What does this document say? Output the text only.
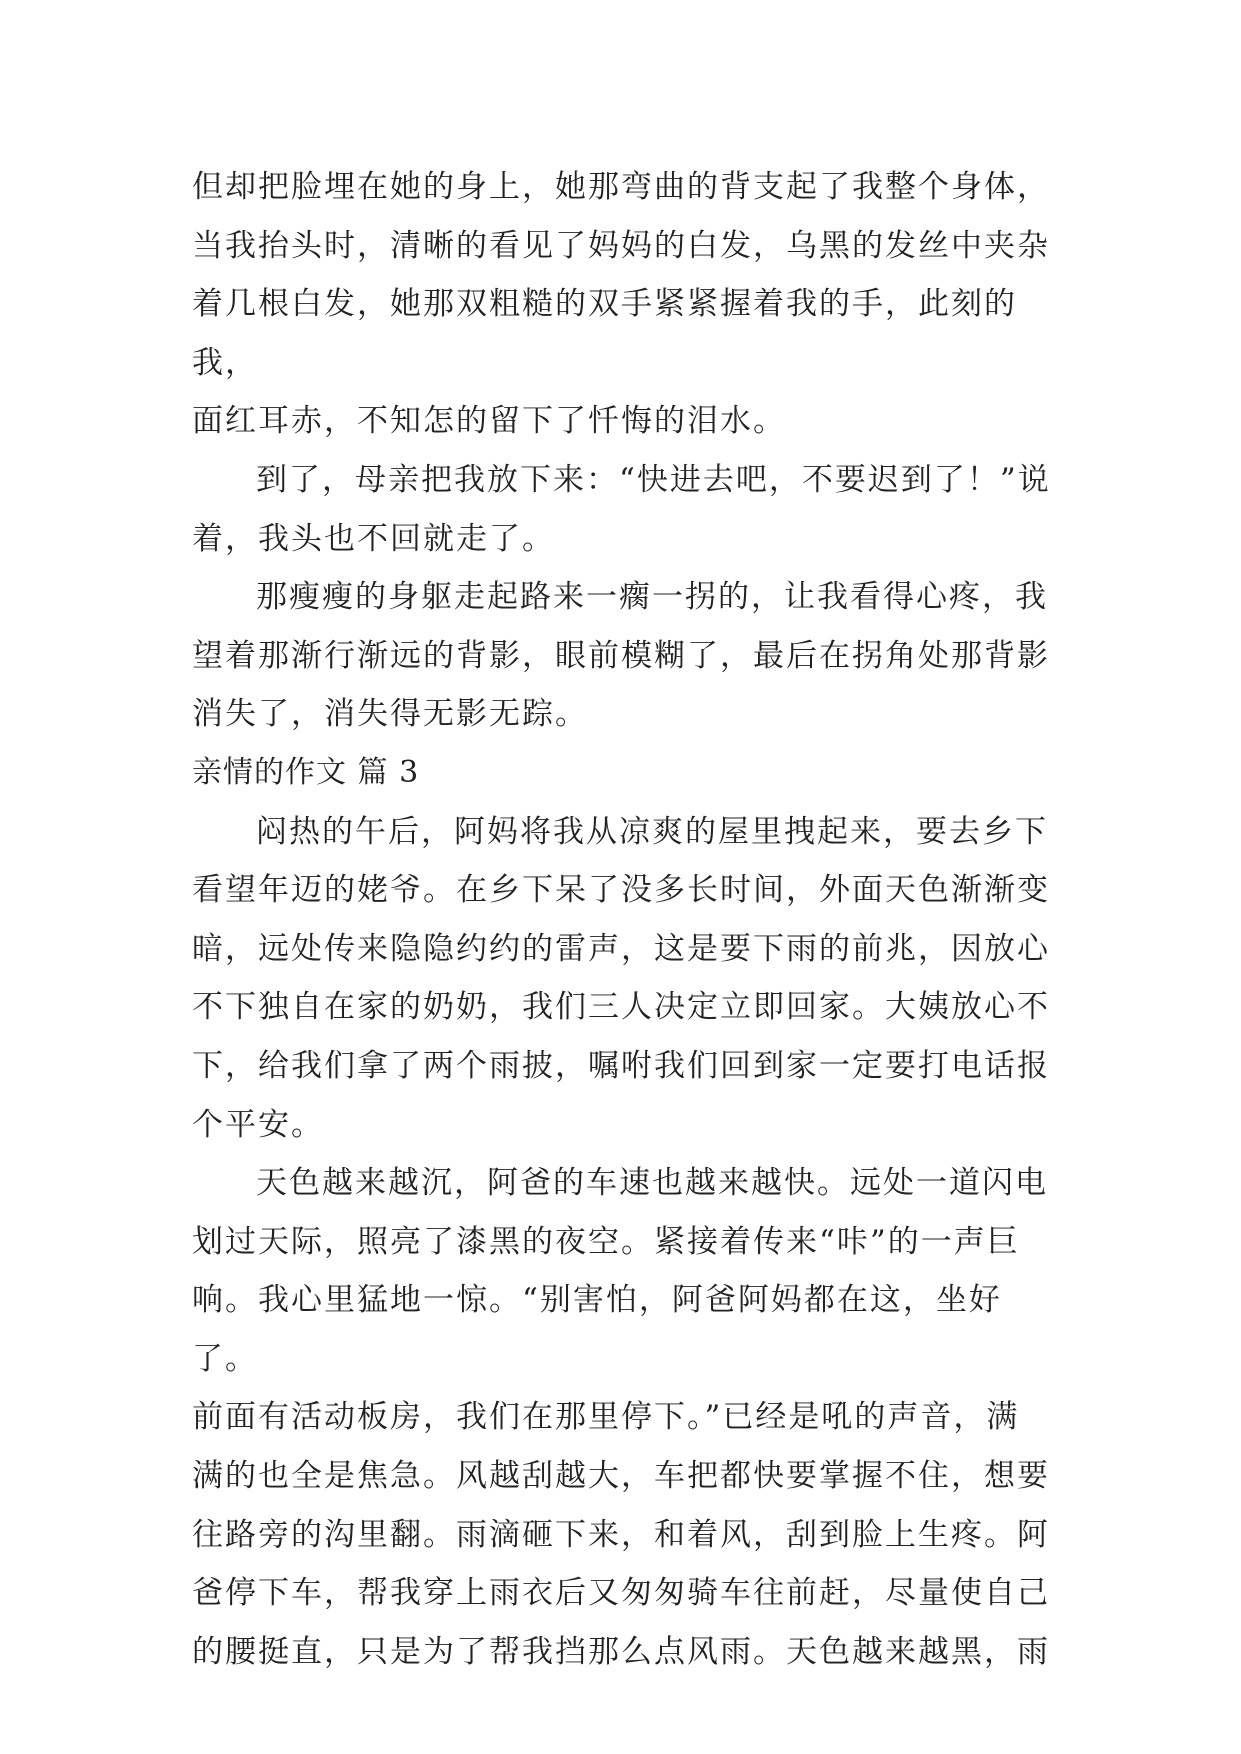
但却把脸埋在她的身上，她那弯曲的背支起了我整个身体，
当我抬头时，清晰的看见了妈妈的白发，乌黑的发丝中夹杂
着几根白发，她那双粗糙的双手紧紧握着我的手，此刻的我，
面红耳赤，不知怎的留下了忏悔的泪水。

到了，母亲把我放下来：“快进去吧，不要迟到了！”说
着，我头也不回就走了。

那瘦瘦的身躯走起路来一瘸一拐的，让我看得心疼，我
望着那渐行渐远的背影，眼前模糊了，最后在拐角处那背影
消失了，消失得无影无踪。

亲情的作文 篇 3

闷热的午后，阿妈将我从凉爽的屋里拽起来，要去乡下
看望年迈的姥爷。在乡下呆了没多长时间，外面天色渐渐变
暗，远处传来隐隐约约的雷声，这是要下雨的前兆，因放心
不下独自在家的奶奶，我们三人决定立即回家。大姨放心不
下，给我们拿了两个雨披，嘱咐我们回到家一定要打电话报
个平安。

天色越来越沉，阿爸的车速也越来越快。远处一道闪电
划过天际，照亮了漆黑的夜空。紧接着传来“咔”的一声巨
响。我心里猛地一惊。“别害怕，阿爸阿妈都在这，坐好了。
前面有活动板房，我们在那里停下。”已经是吼的声音，满
满的也全是焦急。风越刮越大，车把都快要掌握不住，想要
往路旁的沟里翻。雨滴砸下来，和着风，刮到脸上生疼。阿
爸停下车，帮我穿上雨衣后又匆匆骑车往前赶，尽量使自己
的腰挺直，只是为了帮我挡那么点风雨。天色越来越黑，雨
